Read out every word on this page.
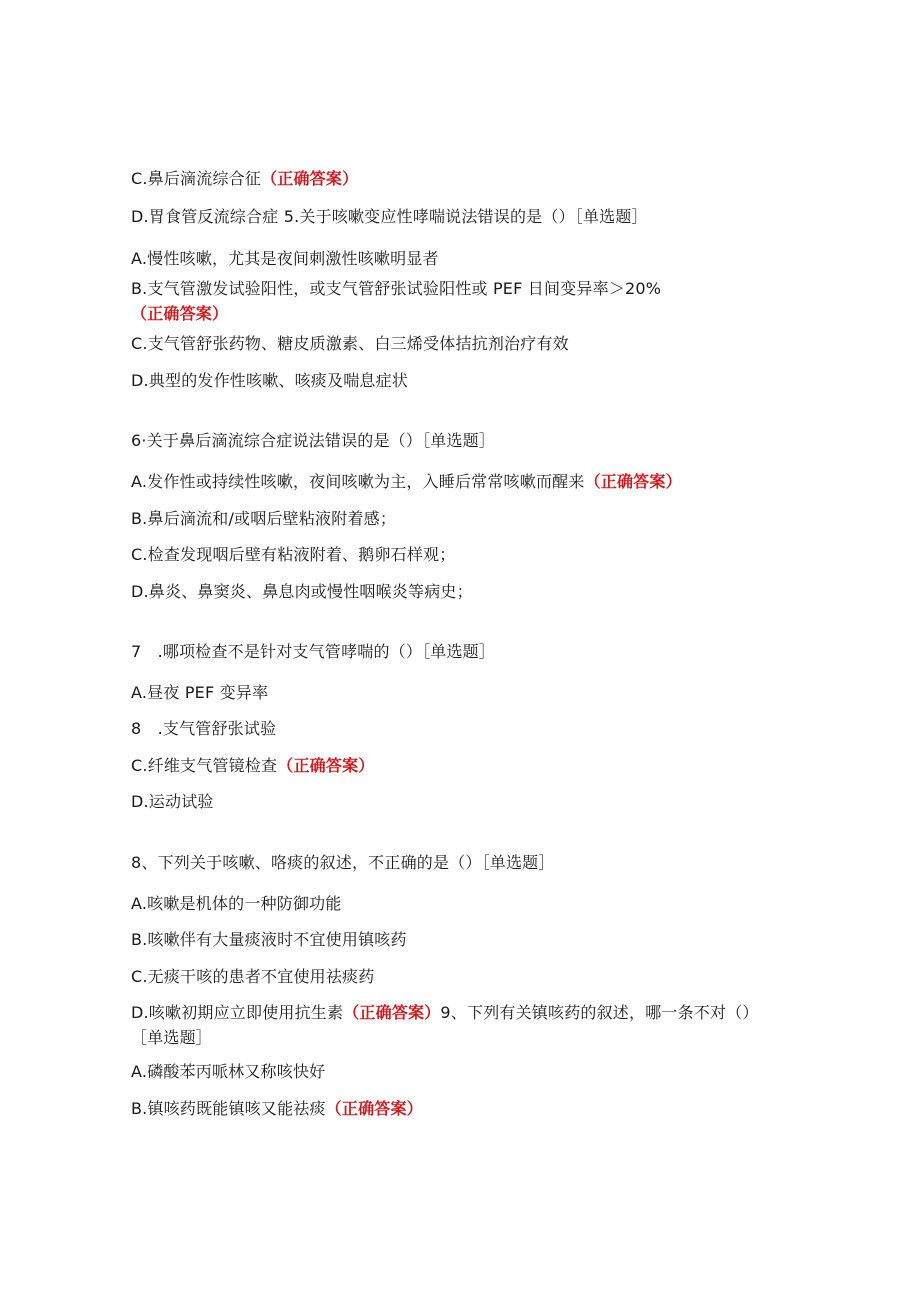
C.鼻后滴流综合征（正确答案）
D.胃食管反流综合症 5.关于咳嗽变应性哮喘说法错误的是（）［单选题］
A.慢性咳嗽，尤其是夜间刺激性咳嗽明显者
B.支气管激发试验阳性，或支气管舒张试验阳性或 PEF 日间变异率＞20%（正确答案）
C.支气管舒张药物、糖皮质激素、白三烯受体拮抗剂治疗有效
D.典型的发作性咳嗽、咳痰及喘息症状
6·关于鼻后滴流综合症说法错误的是（）［单选题］
A.发作性或持续性咳嗽，夜间咳嗽为主，入睡后常常咳嗽而醒来（正确答案）
B.鼻后滴流和/或咽后壁粘液附着感；
C.检查发现咽后壁有粘液附着、鹅卵石样观；
D.鼻炎、鼻窦炎、鼻息肉或慢性咽喉炎等病史；
7 .哪项检查不是针对支气管哮喘的（）［单选题］
A.昼夜 PEF 变异率
8 .支气管舒张试验
C.纤维支气管镜检查（正确答案）
D.运动试验
8、下列关于咳嗽、咯痰的叙述，不正确的是（）［单选题］
A.咳嗽是机体的一种防御功能
B.咳嗽伴有大量痰液时不宜使用镇咳药
C.无痰干咳的患者不宜使用祛痰药
D.咳嗽初期应立即使用抗生素（正确答案）9、下列有关镇咳药的叙述，哪一条不对（）［单选题］
A.磷酸苯丙哌林又称咳快好
B.镇咳药既能镇咳又能祛痰（正确答案）
